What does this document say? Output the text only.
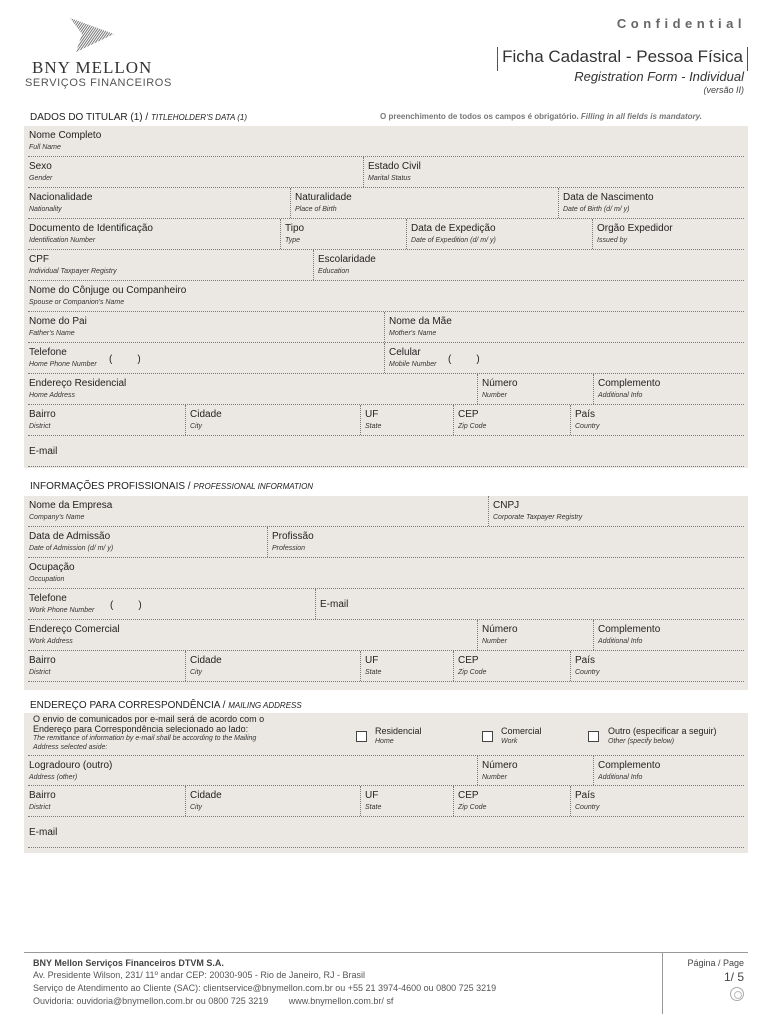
BNY MELLON
SERVIÇOS FINANCEIROS
Confidential
Ficha Cadastral - Pessoa Física
Registration Form - Individual
(versão II)
DADOS DO TITULAR (1) / TITLEHOLDER'S DATA (1)	O preenchimento de todos os campos é obrigatório. Filling in all fields is mandatory.
Nome Completo
Full Name
Sexo
Gender
Estado Civil
Marital Status
Nacionalidade
Nationality
Naturalidade
Place of Birth
Data de Nascimento
Date of Birth (d/ m/ y)
Documento de Identificação
Identification Number
Tipo
Type
Data de Expedição
Date of Expedition (d/ m/ y)
Orgão Expedidor
Issued by
CPF
Individual Taxpayer Registry
Escolaridade
Education
Nome do Cônjuge ou Companheiro
Spouse or Companion's Name
Nome do Pai
Father's Name
Nome da Mãe
Mother's Name
Telefone
Home Phone Number (         )
Celular
Mobile Number (         )
Endereço Residencial
Home Address
Número
Number
Complemento
Additional Info
Bairro
District
Cidade
City
UF
State
CEP
Zip Code
País
Country
E-mail
INFORMAÇÕES PROFISSIONAIS / PROFESSIONAL INFORMATION
Nome da Empresa
Company's Name
CNPJ
Corporate Taxpayer Registry
Data de Admissão
Date of Admission (d/ m/ y)
Profissão
Profession
Ocupação
Occupation
Telefone
Work Phone Number (         )	E-mail
Endereço Comercial
Work Address
Número
Number
Complemento
Additional Info
Bairro
District
Cidade
City
UF
State
CEP
Zip Code
País
Country
ENDEREÇO PARA CORRESPONDÊNCIA / MAILING ADDRESS
O envio de comunicados por e-mail será de acordo com o Endereço para Correspondência selecionado ao lado:
The remittance of information by e-mail shall be according to the Mailing Address selected aside:
Residencial
Home
Comercial
Work
Outro (especificar a seguir)
Other (specify below)
Logradouro (outro)
Address (other)
Número
Number
Complemento
Additional Info
Bairro
District
Cidade
City
UF
State
CEP
Zip Code
País
Country
E-mail
BNY Mellon Serviços Financeiros DTVM S.A.
Av. Presidente Wilson, 231/ 11º andar CEP: 20030-905 - Rio de Janeiro, RJ - Brasil
Serviço de Atendimento ao Cliente (SAC): clientservice@bnymellon.com.br ou +55 21 3974-4600 ou 0800 725 3219
Ouvidoria: ouvidoria@bnymellon.com.br ou 0800 725 3219 www.bnymellon.com.br/ sf
Página / Page
1/ 5
